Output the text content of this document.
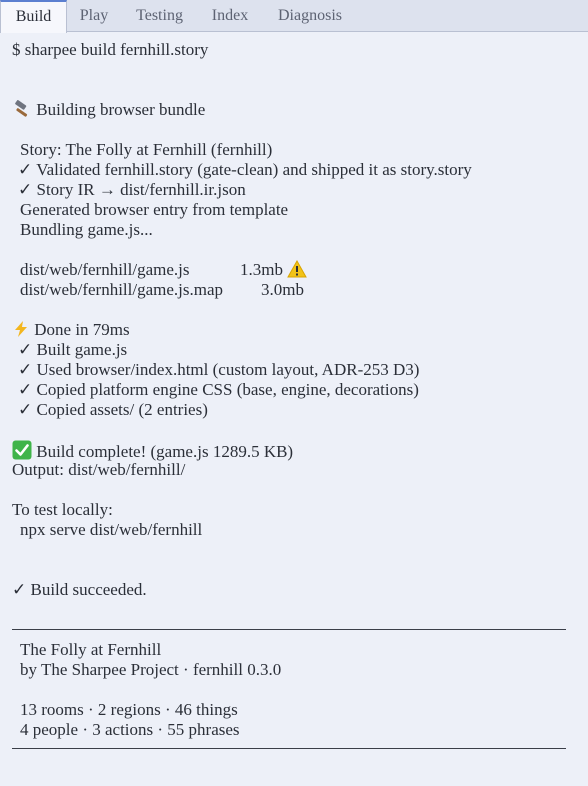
Build	Play	Testing	Index	Diagnosis
$ sharpee build fernhill.story
Building browser bundle
Story: The Folly at Fernhill (fernhill)
✓ Validated fernhill.story (gate-clean) and shipped it as story.story
✓ Story IR → dist/fernhill.ir.json
Generated browser entry from template
Bundling game.js...
dist/web/fernhill/game.js	1.3mb
dist/web/fernhill/game.js.map 3.0mb
Done in 79ms
✓ Built game.js
✓ Used browser/index.html (custom layout, ADR-253 D3)
✓ Copied platform engine CSS (base, engine, decorations)
✓ Copied assets/ (2 entries)
Build complete! (game.js 1289.5 KB)
Output: dist/web/fernhill/
To test locally:
npx serve dist/web/fernhill
✓ Build succeeded.
The Folly at Fernhill
by The Sharpee Project · fernhill 0.3.0
13 rooms · 2 regions · 46 things
4 people · 3 actions · 55 phrases
